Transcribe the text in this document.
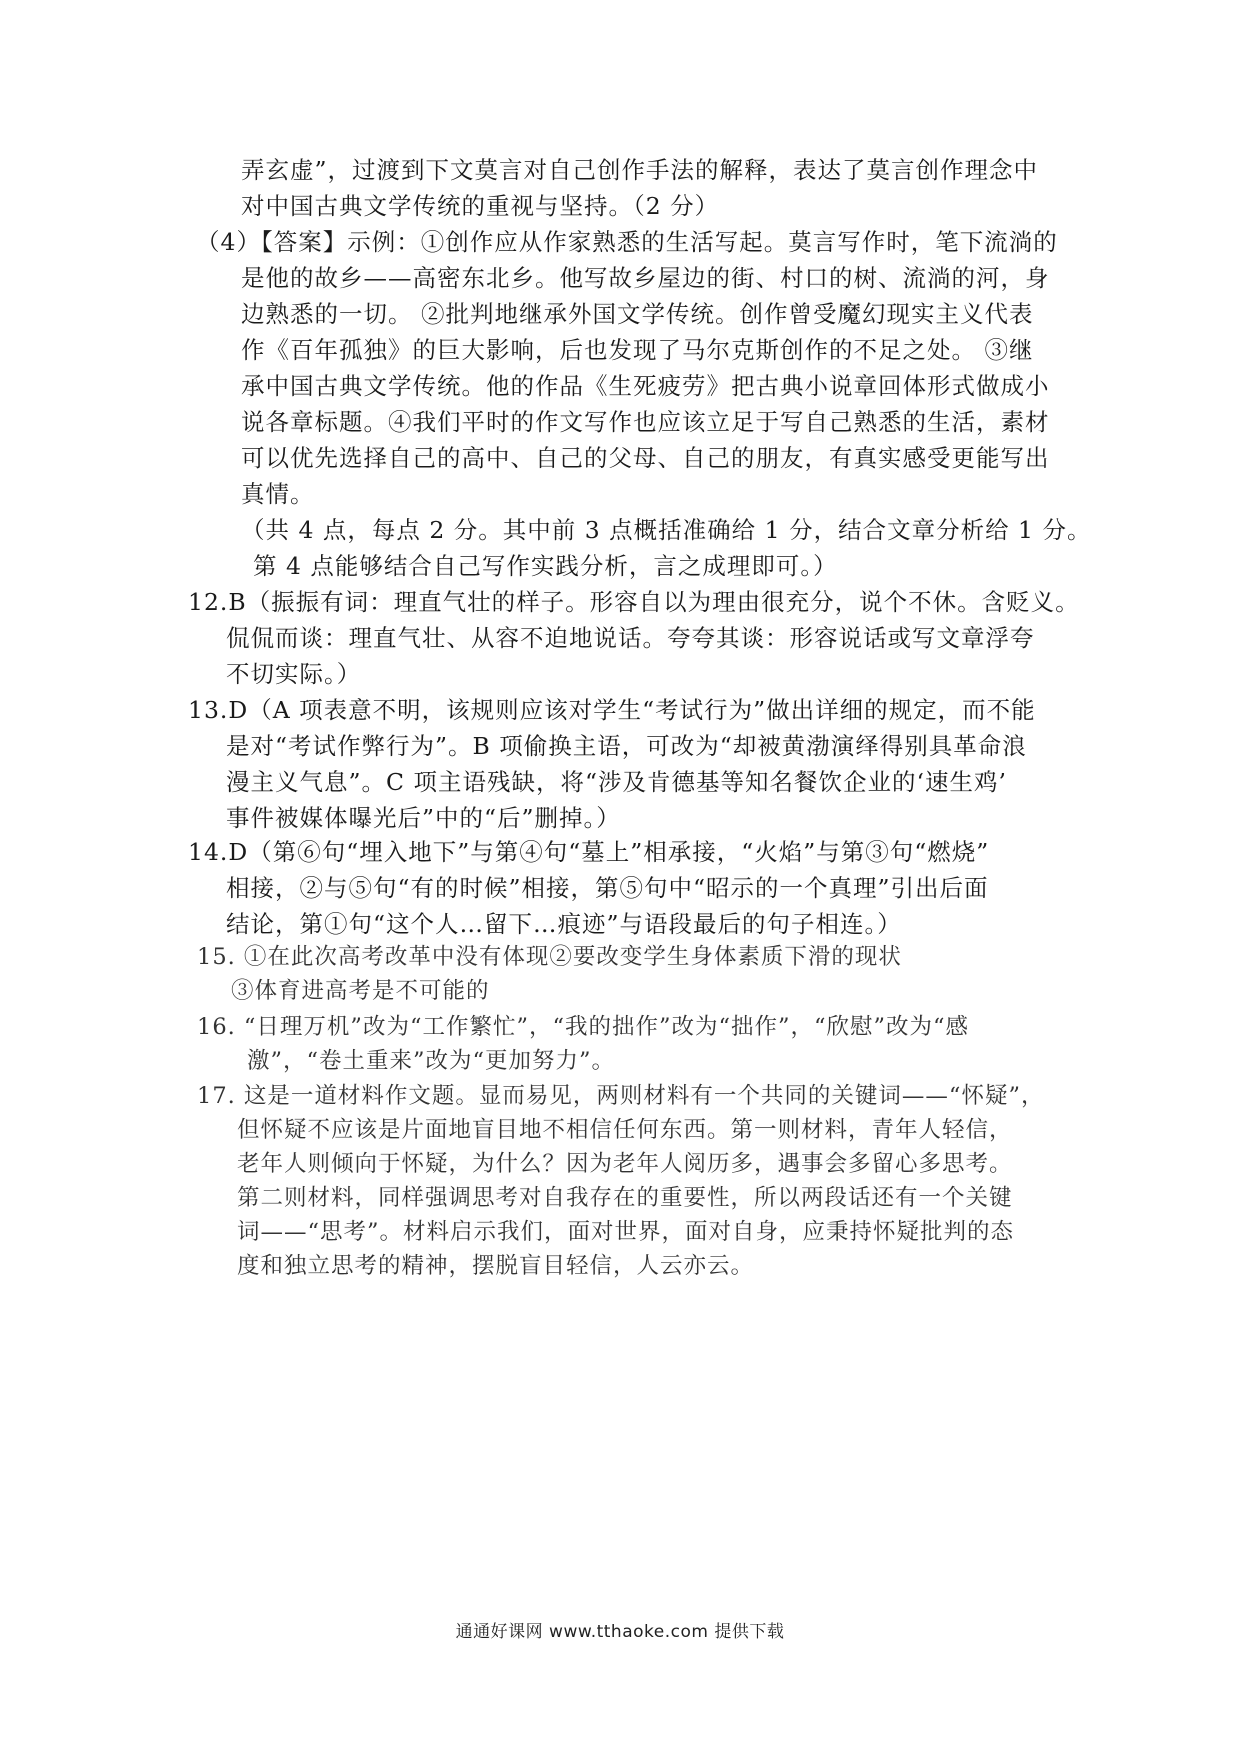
弄玄虚”，过渡到下文莫言对自己创作手法的解释，表达了莫言创作理念中
对中国古典文学传统的重视与坚持。（2 分）
（4）【答案】示例：①创作应从作家熟悉的生活写起。莫言写作时，笔下流淌的
是他的故乡——高密东北乡。他写故乡屋边的街、村口的树、流淌的河，身
边熟悉的一切。 ②批判地继承外国文学传统。创作曾受魔幻现实主义代表
作《百年孤独》的巨大影响，后也发现了马尔克斯创作的不足之处。 ③继
承中国古典文学传统。他的作品《生死疲劳》把古典小说章回体形式做成小
说各章标题。④我们平时的作文写作也应该立足于写自己熟悉的生活，素材
可以优先选择自己的高中、自己的父母、自己的朋友，有真实感受更能写出
真情。
（共 4 点，每点 2 分。其中前 3 点概括准确给 1 分，结合文章分析给 1 分。
第 4 点能够结合自己写作实践分析，言之成理即可。）
12.B（振振有词：理直气壮的样子。形容自以为理由很充分，说个不休。含贬义。
侃侃而谈：理直气壮、从容不迫地说话。夸夸其谈：形容说话或写文章浮夸
不切实际。）
13.D（A 项表意不明，该规则应该对学生“考试行为”做出详细的规定，而不能
是对“考试作弊行为”。B 项偷换主语，可改为“却被黄渤演绎得别具革命浪
漫主义气息”。C 项主语残缺，将“涉及肯德基等知名餐饮企业的‘速生鸡’
事件被媒体曝光后”中的“后”删掉。）
14.D（第⑥句“埋入地下”与第④句“墓上”相承接，“火焰”与第③句“燃烧”
相接，②与⑤句“有的时候”相接，第⑤句中“昭示的一个真理”引出后面
结论，第①句“这个人…留下…痕迹”与语段最后的句子相连。）
15. ①在此次高考改革中没有体现②要改变学生身体素质下滑的现状
③体育进高考是不可能的
16. “日理万机”改为“工作繁忙”，“我的拙作”改为“拙作”，“欣慰”改为“感
激”，“卷土重来”改为“更加努力”。
17. 这是一道材料作文题。显而易见，两则材料有一个共同的关键词——“怀疑”，
但怀疑不应该是片面地盲目地不相信任何东西。第一则材料，青年人轻信，
老年人则倾向于怀疑，为什么？因为老年人阅历多，遇事会多留心多思考。
第二则材料，同样强调思考对自我存在的重要性，所以两段话还有一个关键
词——“思考”。材料启示我们，面对世界，面对自身，应秉持怀疑批判的态
度和独立思考的精神，摆脱盲目轻信，人云亦云。
通通好课网 www.tthaoke.com 提供下载
